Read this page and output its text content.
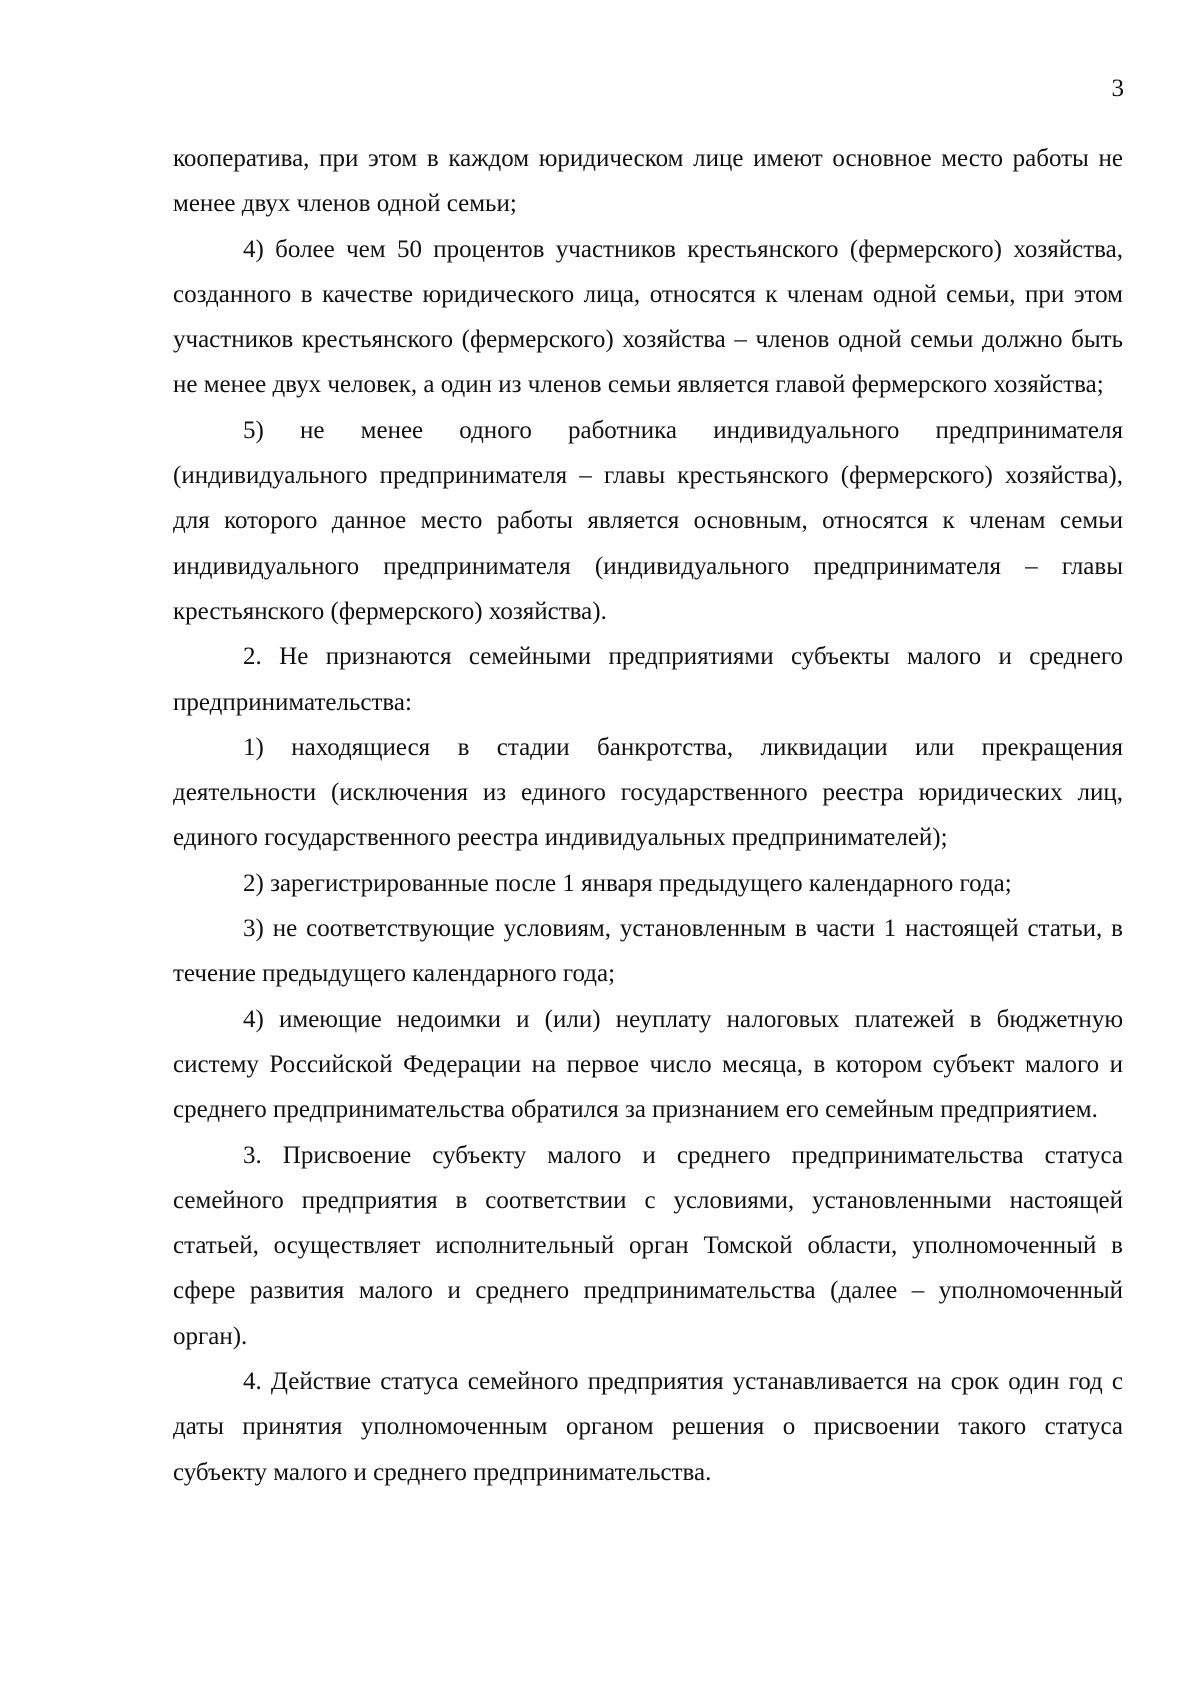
3

кооператива, при этом в каждом юридическом лице имеют основное место работы не менее двух членов одной семьи;

4) более чем 50 процентов участников крестьянского (фермерского) хозяйства, созданного в качестве юридического лица, относятся к членам одной семьи, при этом участников крестьянского (фермерского) хозяйства – членов одной семьи должно быть не менее двух человек, а один из членов семьи является главой фермерского хозяйства;

5) не менее одного работника индивидуального предпринимателя (индивидуального предпринимателя – главы крестьянского (фермерского) хозяйства), для которого данное место работы является основным, относятся к членам семьи индивидуального предпринимателя (индивидуального предпринимателя – главы крестьянского (фермерского) хозяйства).

2. Не признаются семейными предприятиями субъекты малого и среднего предпринимательства:

1) находящиеся в стадии банкротства, ликвидации или прекращения деятельности (исключения из единого государственного реестра юридических лиц, единого государственного реестра индивидуальных предпринимателей);

2) зарегистрированные после 1 января предыдущего календарного года;

3) не соответствующие условиям, установленным в части 1 настоящей статьи, в течение предыдущего календарного года;

4) имеющие недоимки и (или) неуплату налоговых платежей в бюджетную систему Российской Федерации на первое число месяца, в котором субъект малого и среднего предпринимательства обратился за признанием его семейным предприятием.

3. Присвоение субъекту малого и среднего предпринимательства статуса семейного предприятия в соответствии с условиями, установленными настоящей статьей, осуществляет исполнительный орган Томской области, уполномоченный в сфере развития малого и среднего предпринимательства (далее – уполномоченный орган).

4. Действие статуса семейного предприятия устанавливается на срок один год с даты принятия уполномоченным органом решения о присвоении такого статуса субъекту малого и среднего предпринимательства.
